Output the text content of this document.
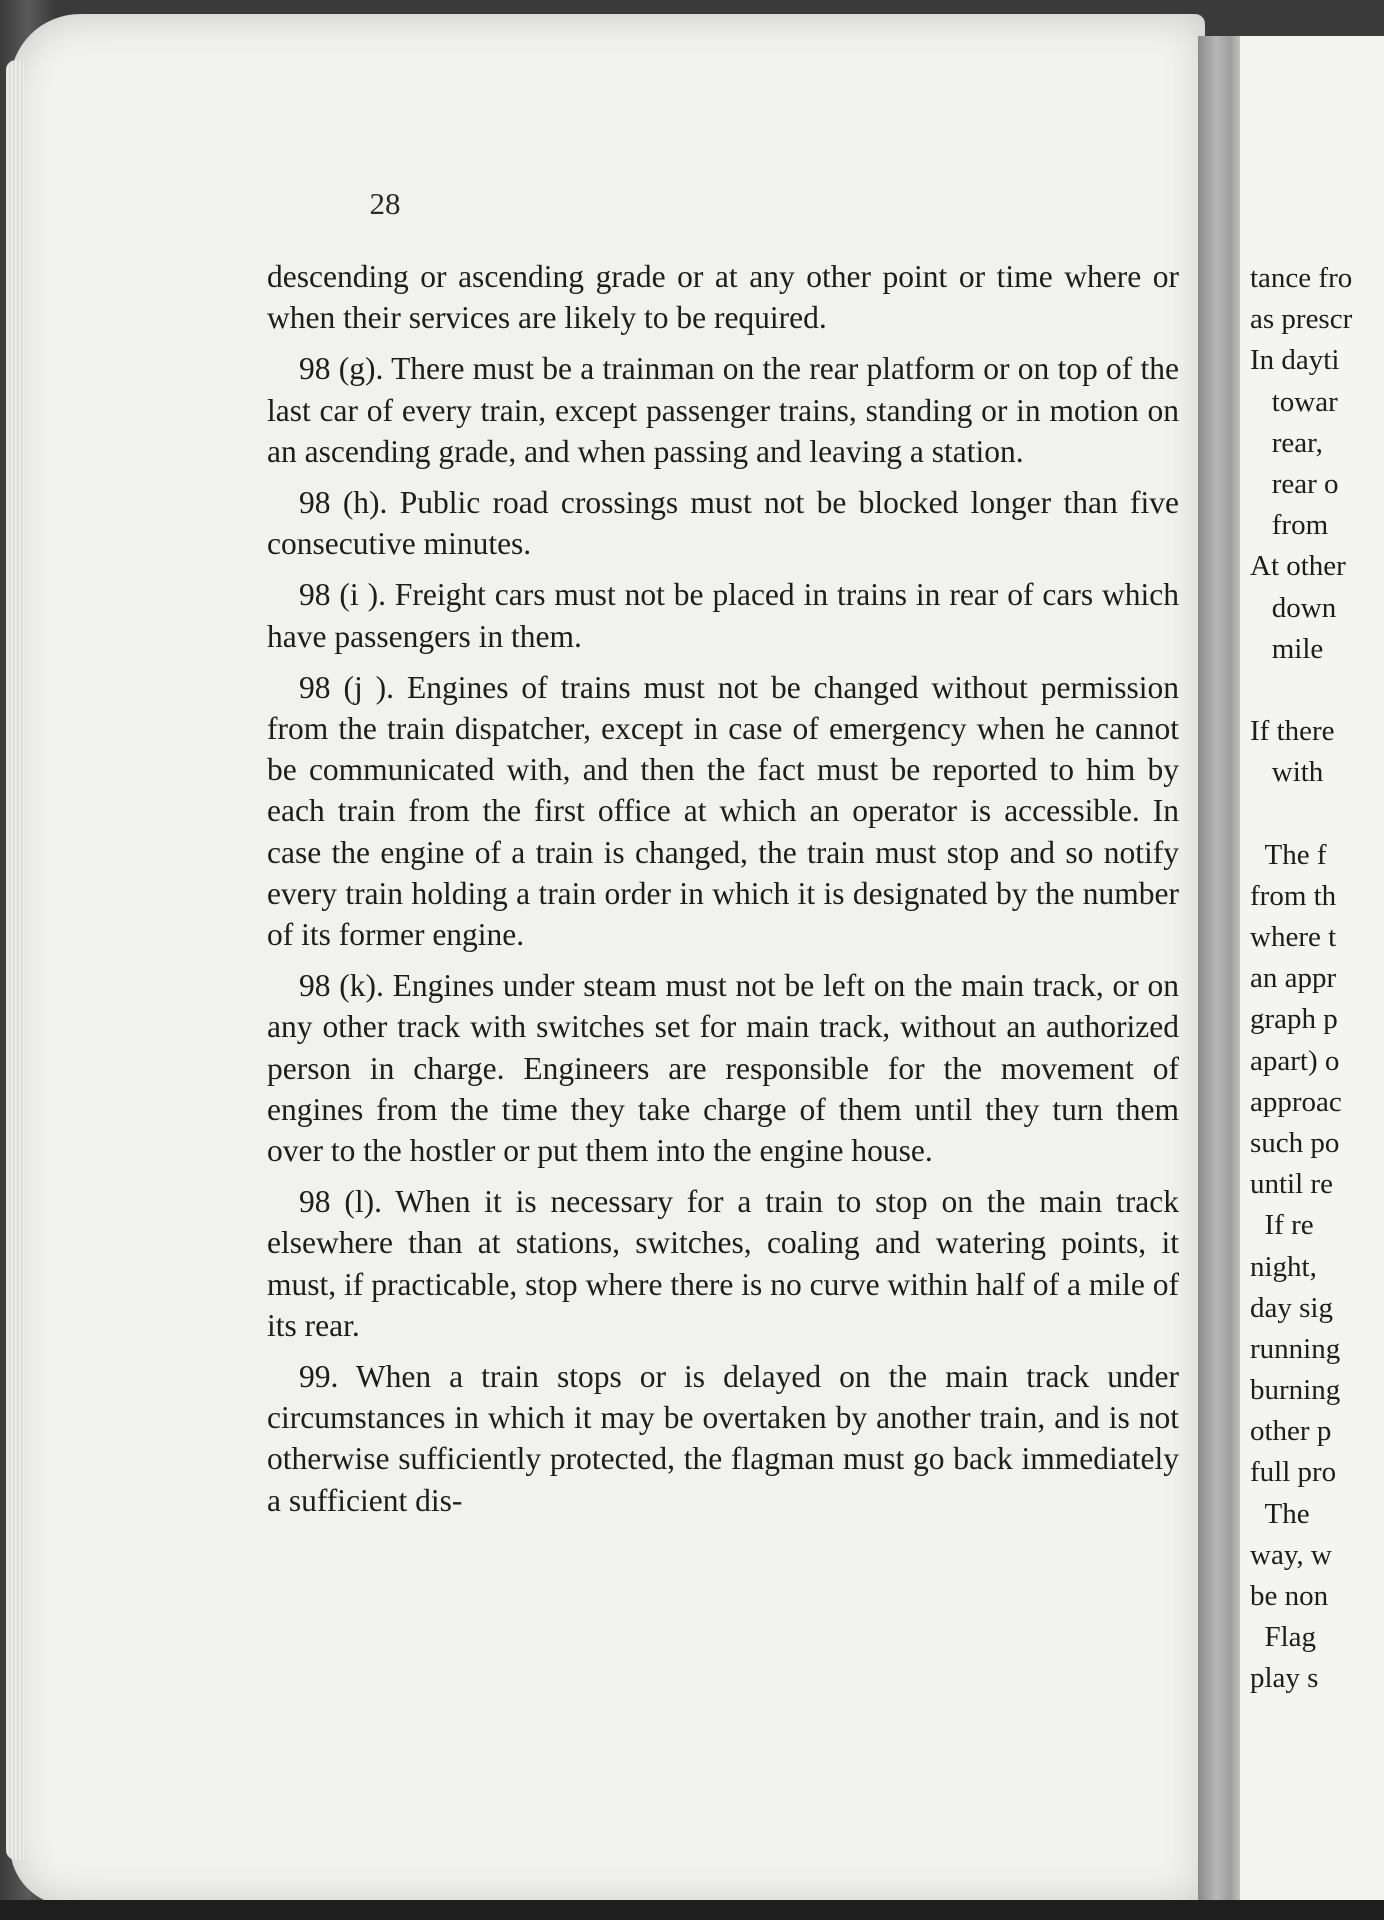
28

descending or ascending grade or at any other point or time where or when their services are likely to be required.

98 (g). There must be a trainman on the rear platform or on top of the last car of every train, except passenger trains, standing or in motion on an ascending grade, and when passing and leaving a station.

98 (h). Public road crossings must not be blocked longer than five consecutive minutes.

98 (i ). Freight cars must not be placed in trains in rear of cars which have passengers in them.

98 (j ). Engines of trains must not be changed without permission from the train dispatcher, except in case of emergency when he cannot be communicated with, and then the fact must be reported to him by each train from the first office at which an operator is accessible. In case the engine of a train is changed, the train must stop and so notify every train holding a train order in which it is designated by the number of its former engine.

98 (k). Engines under steam must not be left on the main track, or on any other track with switches set for main track, without an authorized person in charge. Engineers are responsible for the movement of engines from the time they take charge of them until they turn them over to the hostler or put them into the engine house.

98 (l). When it is necessary for a train to stop on the main track elsewhere than at stations, switches, coaling and watering points, it must, if practicable, stop where there is no curve within half of a mile of its rear.

99. When a train stops or is delayed on the main track under circumstances in which it may be overtaken by another train, and is not otherwise sufficiently protected, the flagman must go back immediately a sufficient dis-

tance fro
as prescr
In dayti
towar
rear,
rear o
from
At other
down
mile
If there
with
The f
from th
where t
an appr
graph p
apart) o
approac
such po
until re
If re
night,
day sig
running
burning
other p
full pro
The
way, w
be non
Flag
play s
